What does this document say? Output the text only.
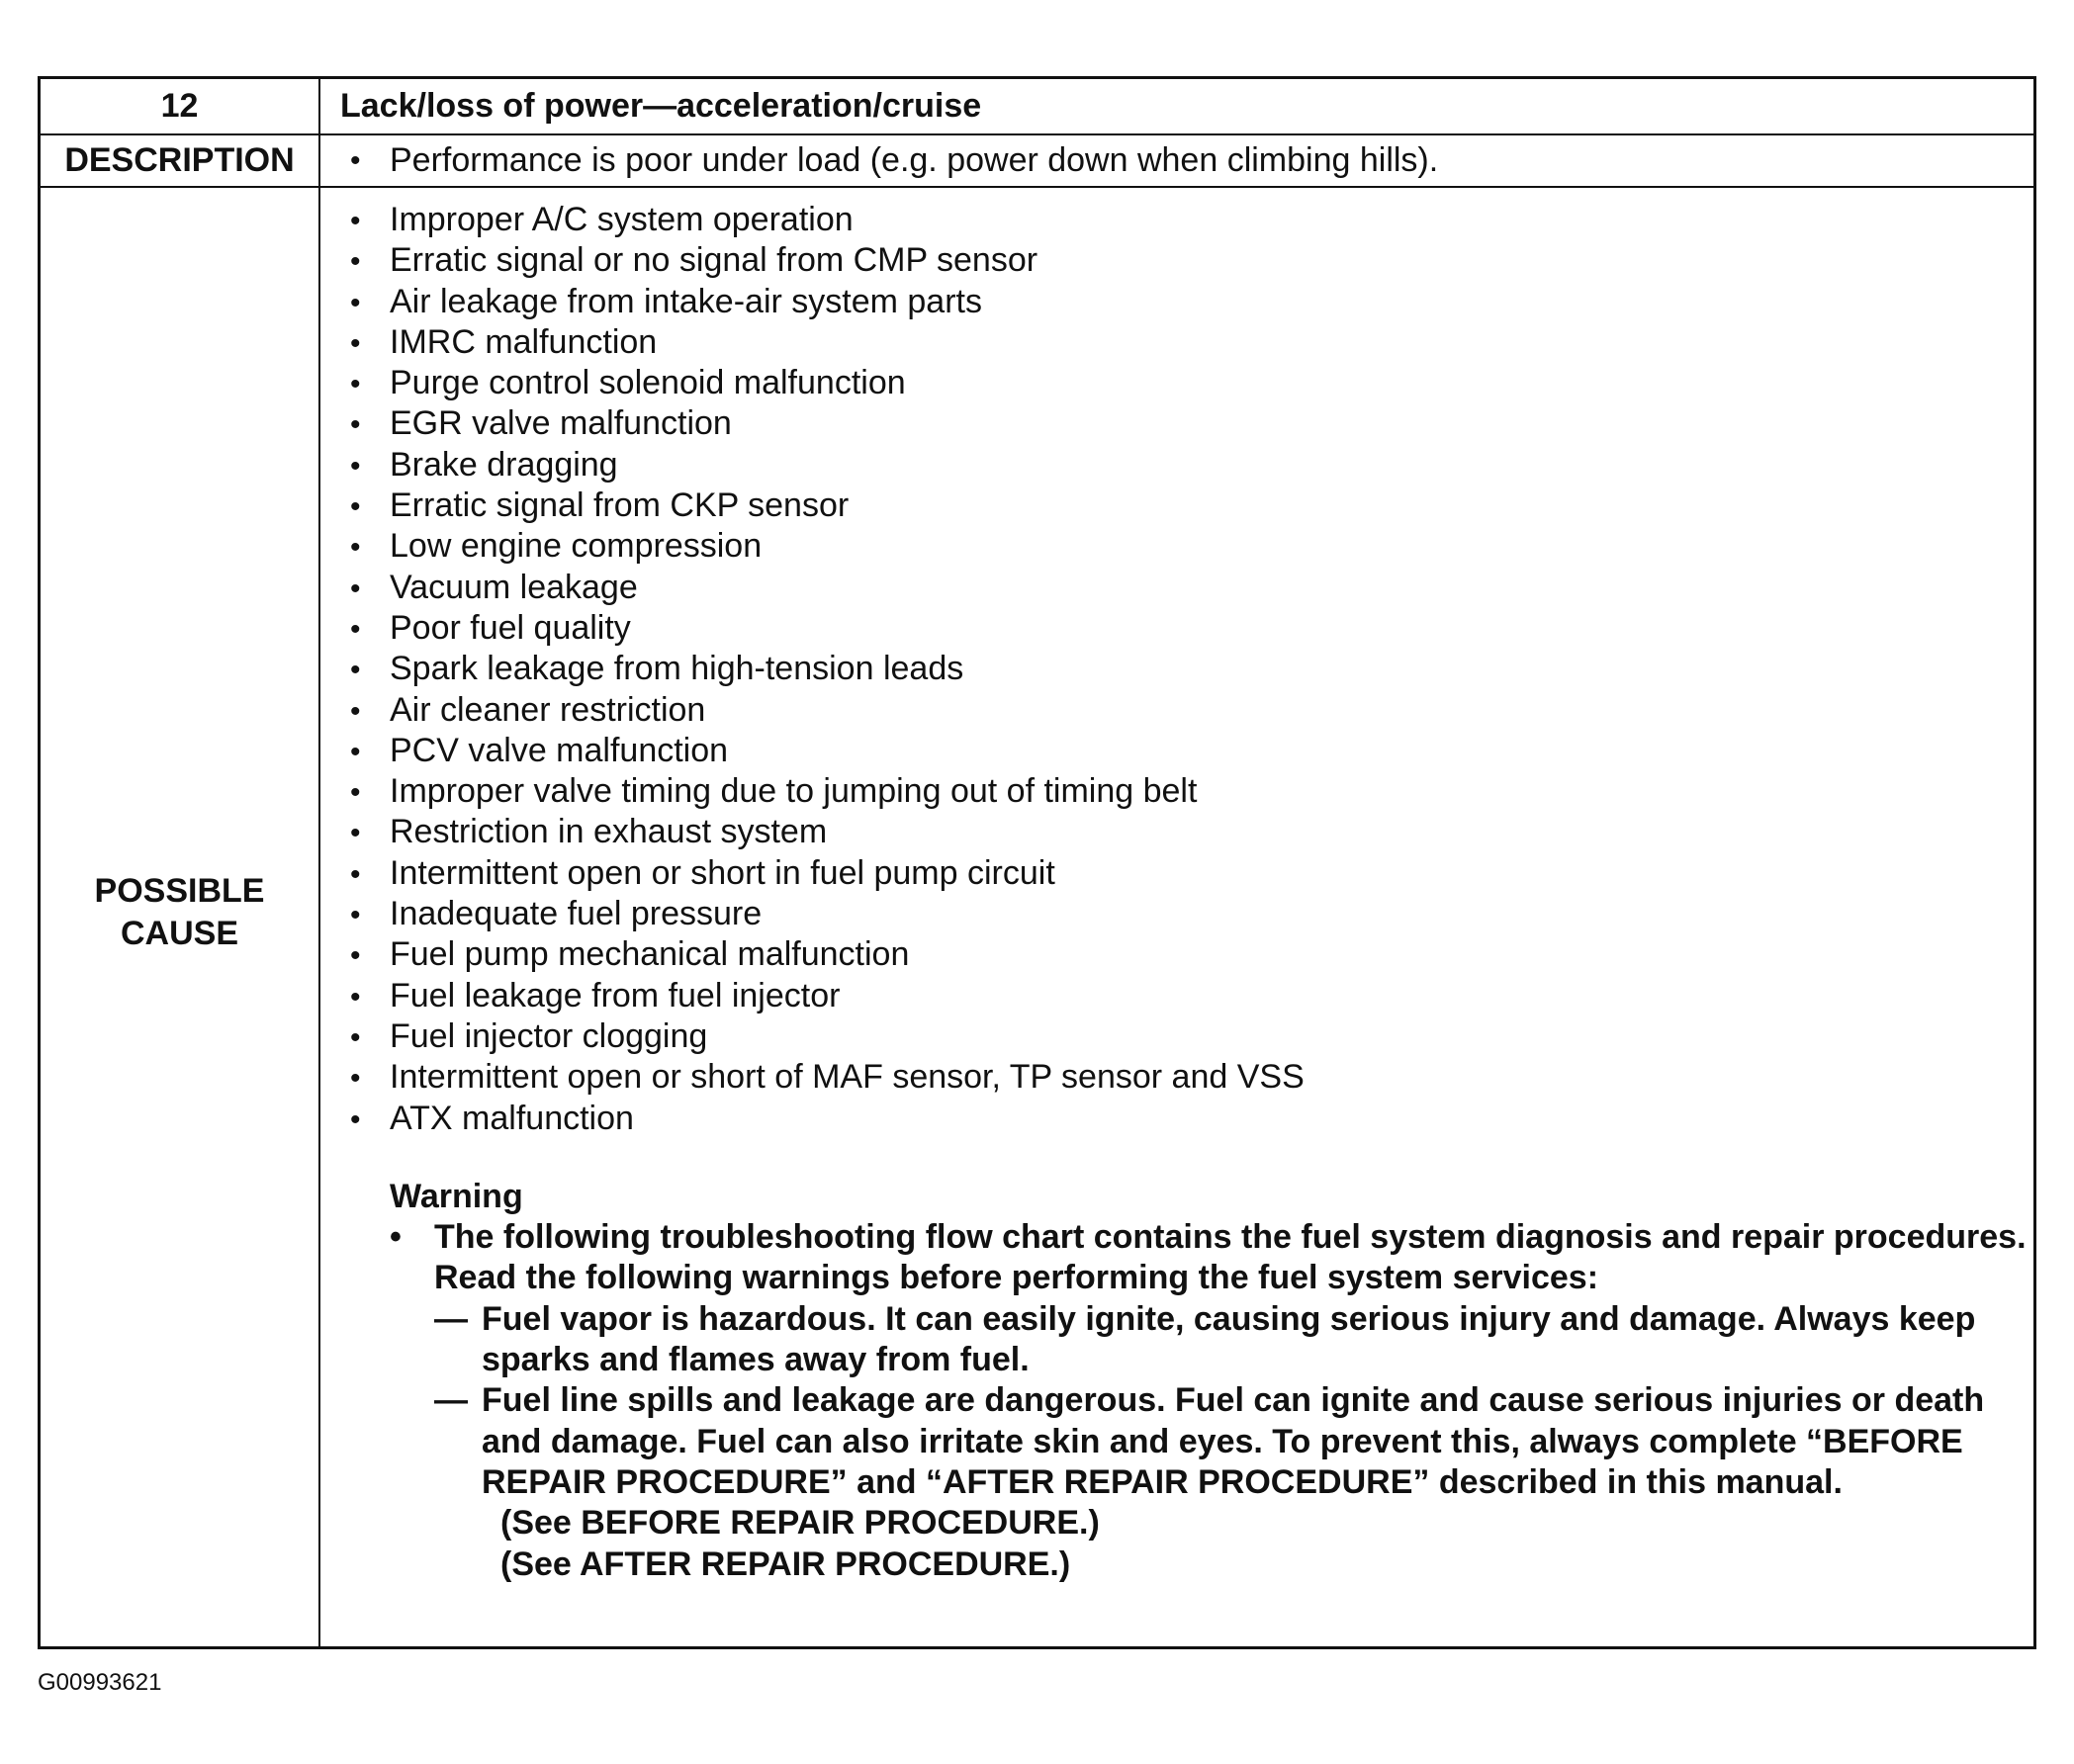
12	Lack/loss of power—acceleration/cruise
DESCRIPTION	• Performance is poor under load (e.g. power down when climbing hills).
POSSIBLE
CAUSE
• Improper A/C system operation
• Erratic signal or no signal from CMP sensor
• Air leakage from intake-air system parts
• IMRC malfunction
• Purge control solenoid malfunction
• EGR valve malfunction
• Brake dragging
• Erratic signal from CKP sensor
• Low engine compression
• Vacuum leakage
• Poor fuel quality
• Spark leakage from high-tension leads
• Air cleaner restriction
• PCV valve malfunction
• Improper valve timing due to jumping out of timing belt
• Restriction in exhaust system
• Intermittent open or short in fuel pump circuit
• Inadequate fuel pressure
• Fuel pump mechanical malfunction
• Fuel leakage from fuel injector
• Fuel injector clogging
• Intermittent open or short of MAF sensor, TP sensor and VSS
• ATX malfunction
Warning
• The following troubleshooting flow chart contains the fuel system diagnosis and repair procedures. Read the following warnings before performing the fuel system services:
— Fuel vapor is hazardous. It can easily ignite, causing serious injury and damage. Always keep sparks and flames away from fuel.
— Fuel line spills and leakage are dangerous. Fuel can ignite and cause serious injuries or death and damage. Fuel can also irritate skin and eyes. To prevent this, always complete “BEFORE REPAIR PROCEDURE” and “AFTER REPAIR PROCEDURE” described in this manual.
(See BEFORE REPAIR PROCEDURE.)
(See AFTER REPAIR PROCEDURE.)
G00993621
